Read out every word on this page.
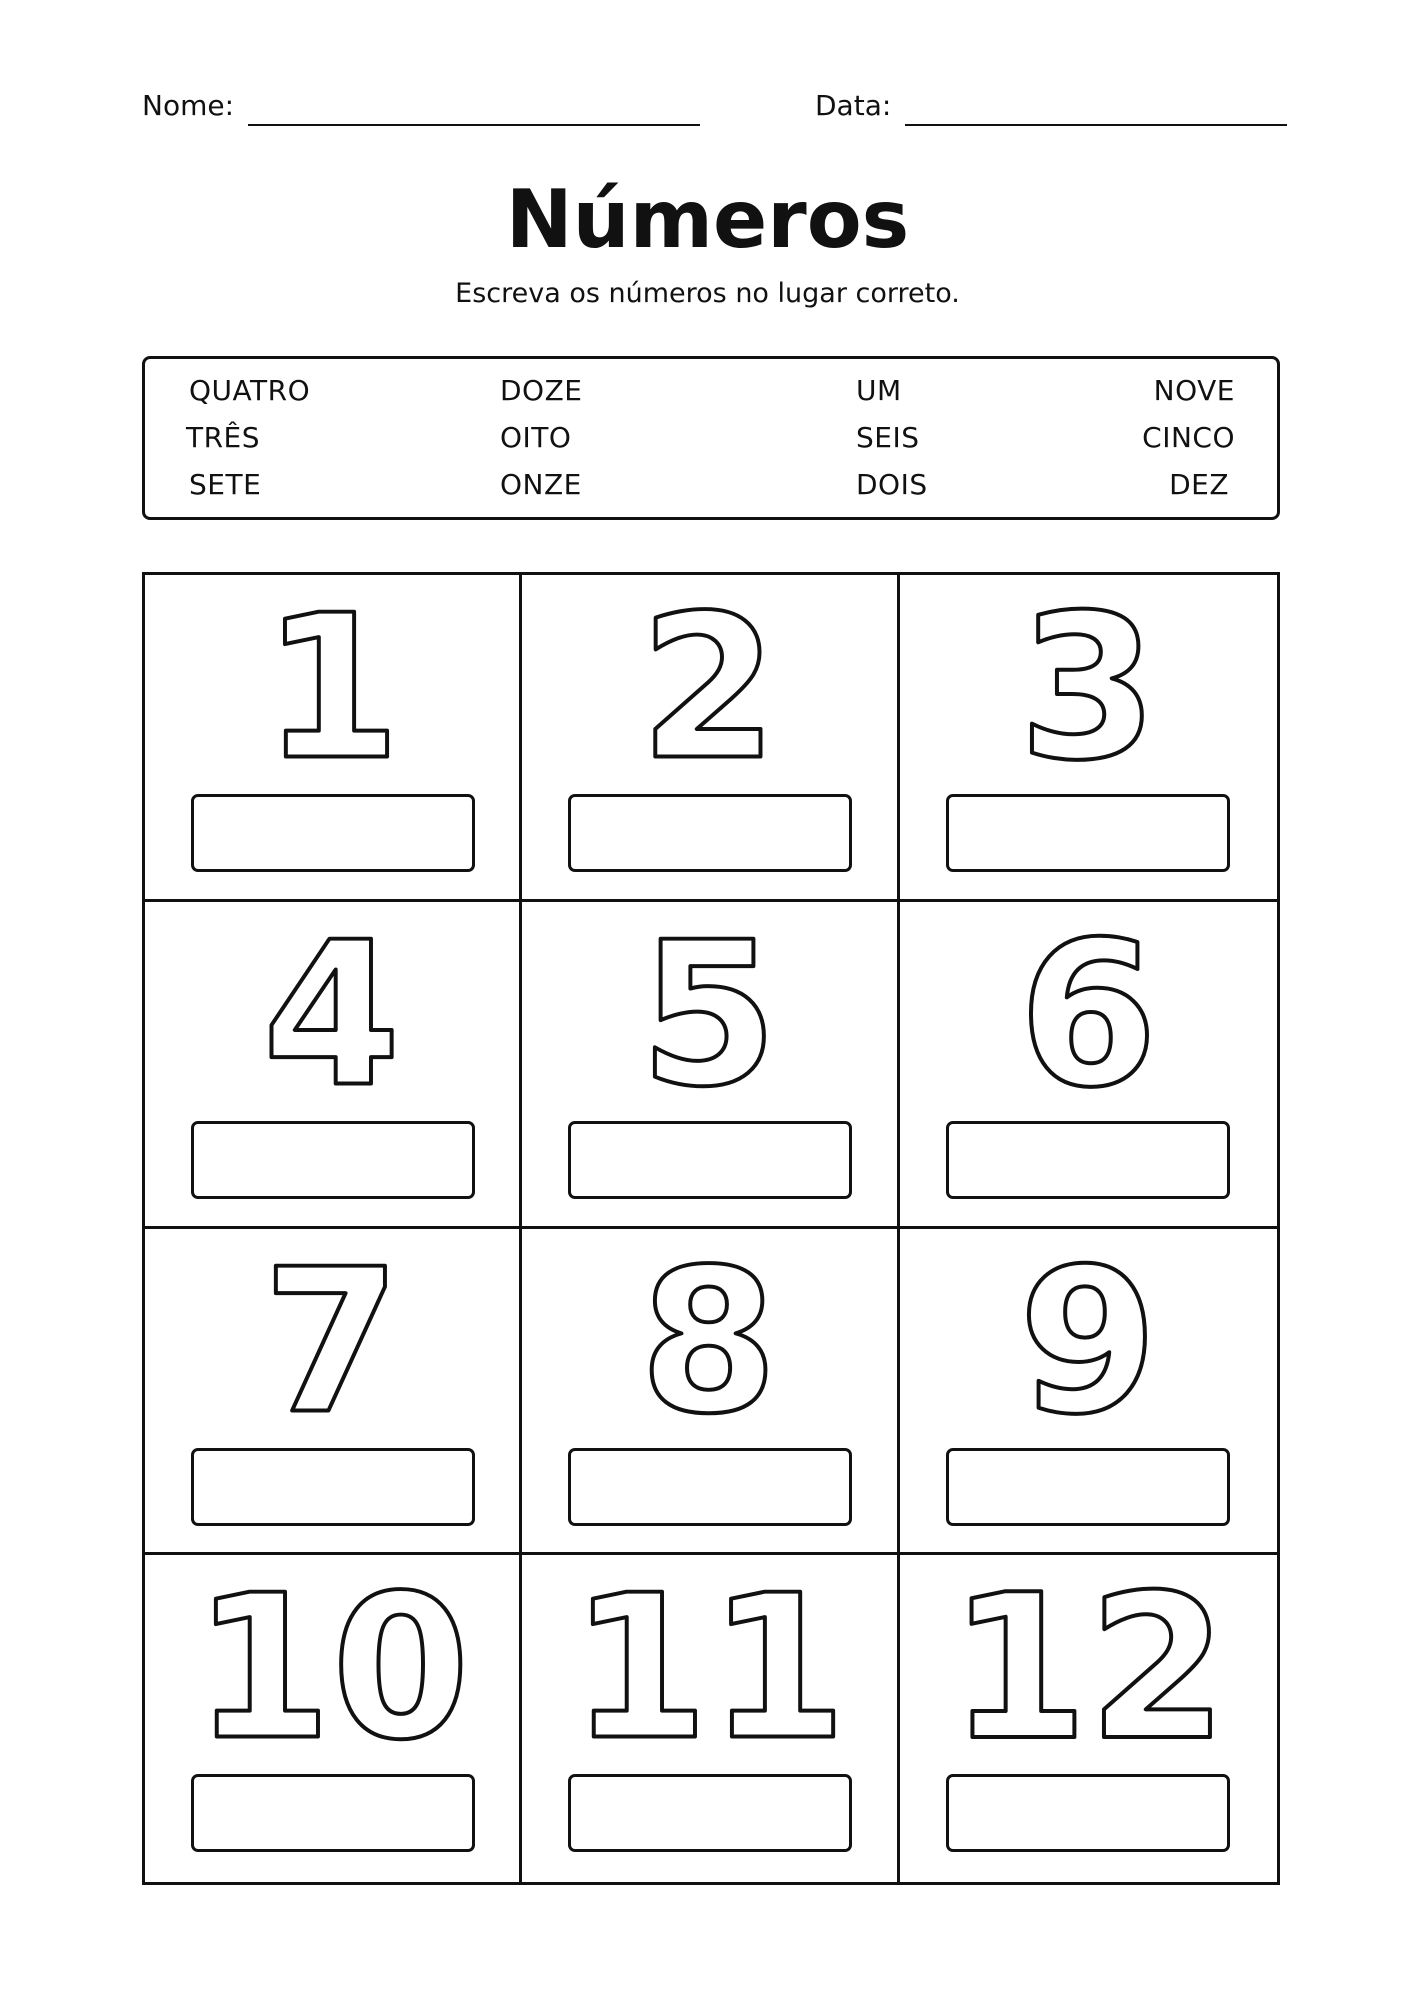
Nome:	Data:
Números
Escreva os números no lugar correto.
QUATRO	DOZE	UM	NOVE
TRÊS	OITO	SEIS	CINCO
SETE	ONZE	DOIS	DEZ
1 2 3
4 5 6
7 8 9
10 11 12
